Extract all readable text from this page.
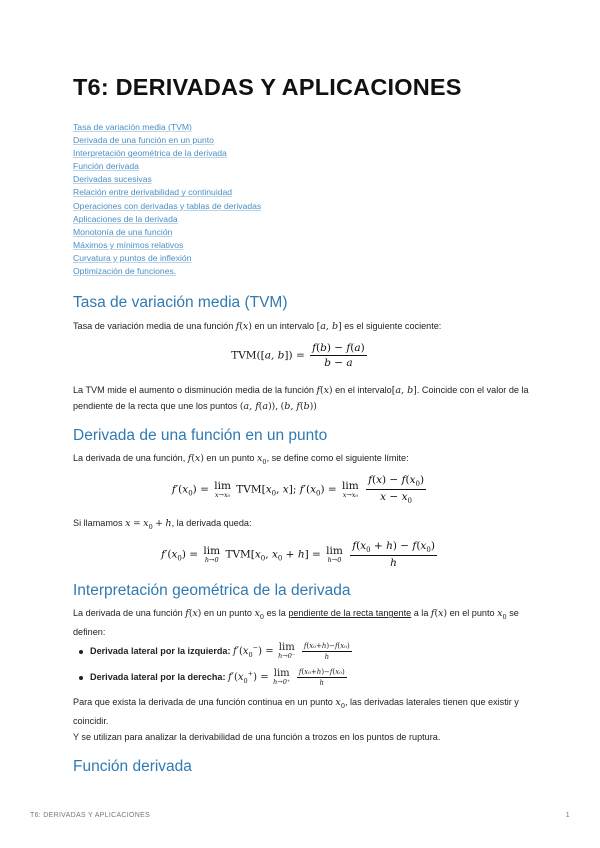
T6: DERIVADAS Y APLICACIONES
Tasa de variación media (TVM)
Derivada de una función en un punto
Interpretación geométrica de la derivada
Función derivada
Derivadas sucesivas
Relación entre derivabilidad y continuidad
Operaciones con derivadas y tablas de derivadas
Aplicaciones de la derivada
Monotonía de una función
Máximos y mínimos relativos
Curvatura y puntos de inflexión
Optimización de funciones.
Tasa de variación media (TVM)

Tasa de variación media de una función f(x) en un intervalo [a, b] es el siguiente cociente:

TVM([a, $b]) = \frac{f(b) - f(a)}{b - a}$

La TVM mide el aumento o disminución media de la función f(x) en el intervalo[a, b]. Coincide con el valor de la pendiente de la recta que une los puntos (a, f(a)), (b, f(b))

Derivada de una función en un punto

La derivada de una función, f(x) en un punto $x_0$, se define como el siguiente límite:

$f'(x_0) = \lim$
x→x₀ $TVM[x_0$, x]; $f'(x_0) = \lim$
x→x₀
$\frac{f(x) - f(x_0)}{x - x_0}$

Si llamamos $x = x_0 + h$, la derivada queda:

$f'(x_0) = \lim$
h→0 $TVM[x_0$, $x_0 + h] = \lim$
h→0
$\frac{f(x_0 + h) - f(x_0)}{h}$
Interpretación geométrica de la derivada

La derivada de una función f(x) en un punto $x_0$ es la pendiente de la recta tangente a la f(x) en el punto $x_0$ se definen:

Derivada lateral por la izquierda: $f'(x_0^-) = \lim$
h→0⁻
$\frac{\text{f(x₀+h)−f(x₀)}}{h}$
Derivada lateral por la derecha: $f'(x_0^+) = \lim$
h→0⁺
$\frac{\text{f(x₀+h)−f(x₀)}}{h}$

Para que exista la derivada de una función continua en un punto $x_0$, las derivadas laterales tienen que existir y coincidir.

Y se utilizan para analizar la derivabilidad de una función a trozos en los puntos de ruptura.

Función derivada
T6: DERIVADAS Y APLICACIONES	1
